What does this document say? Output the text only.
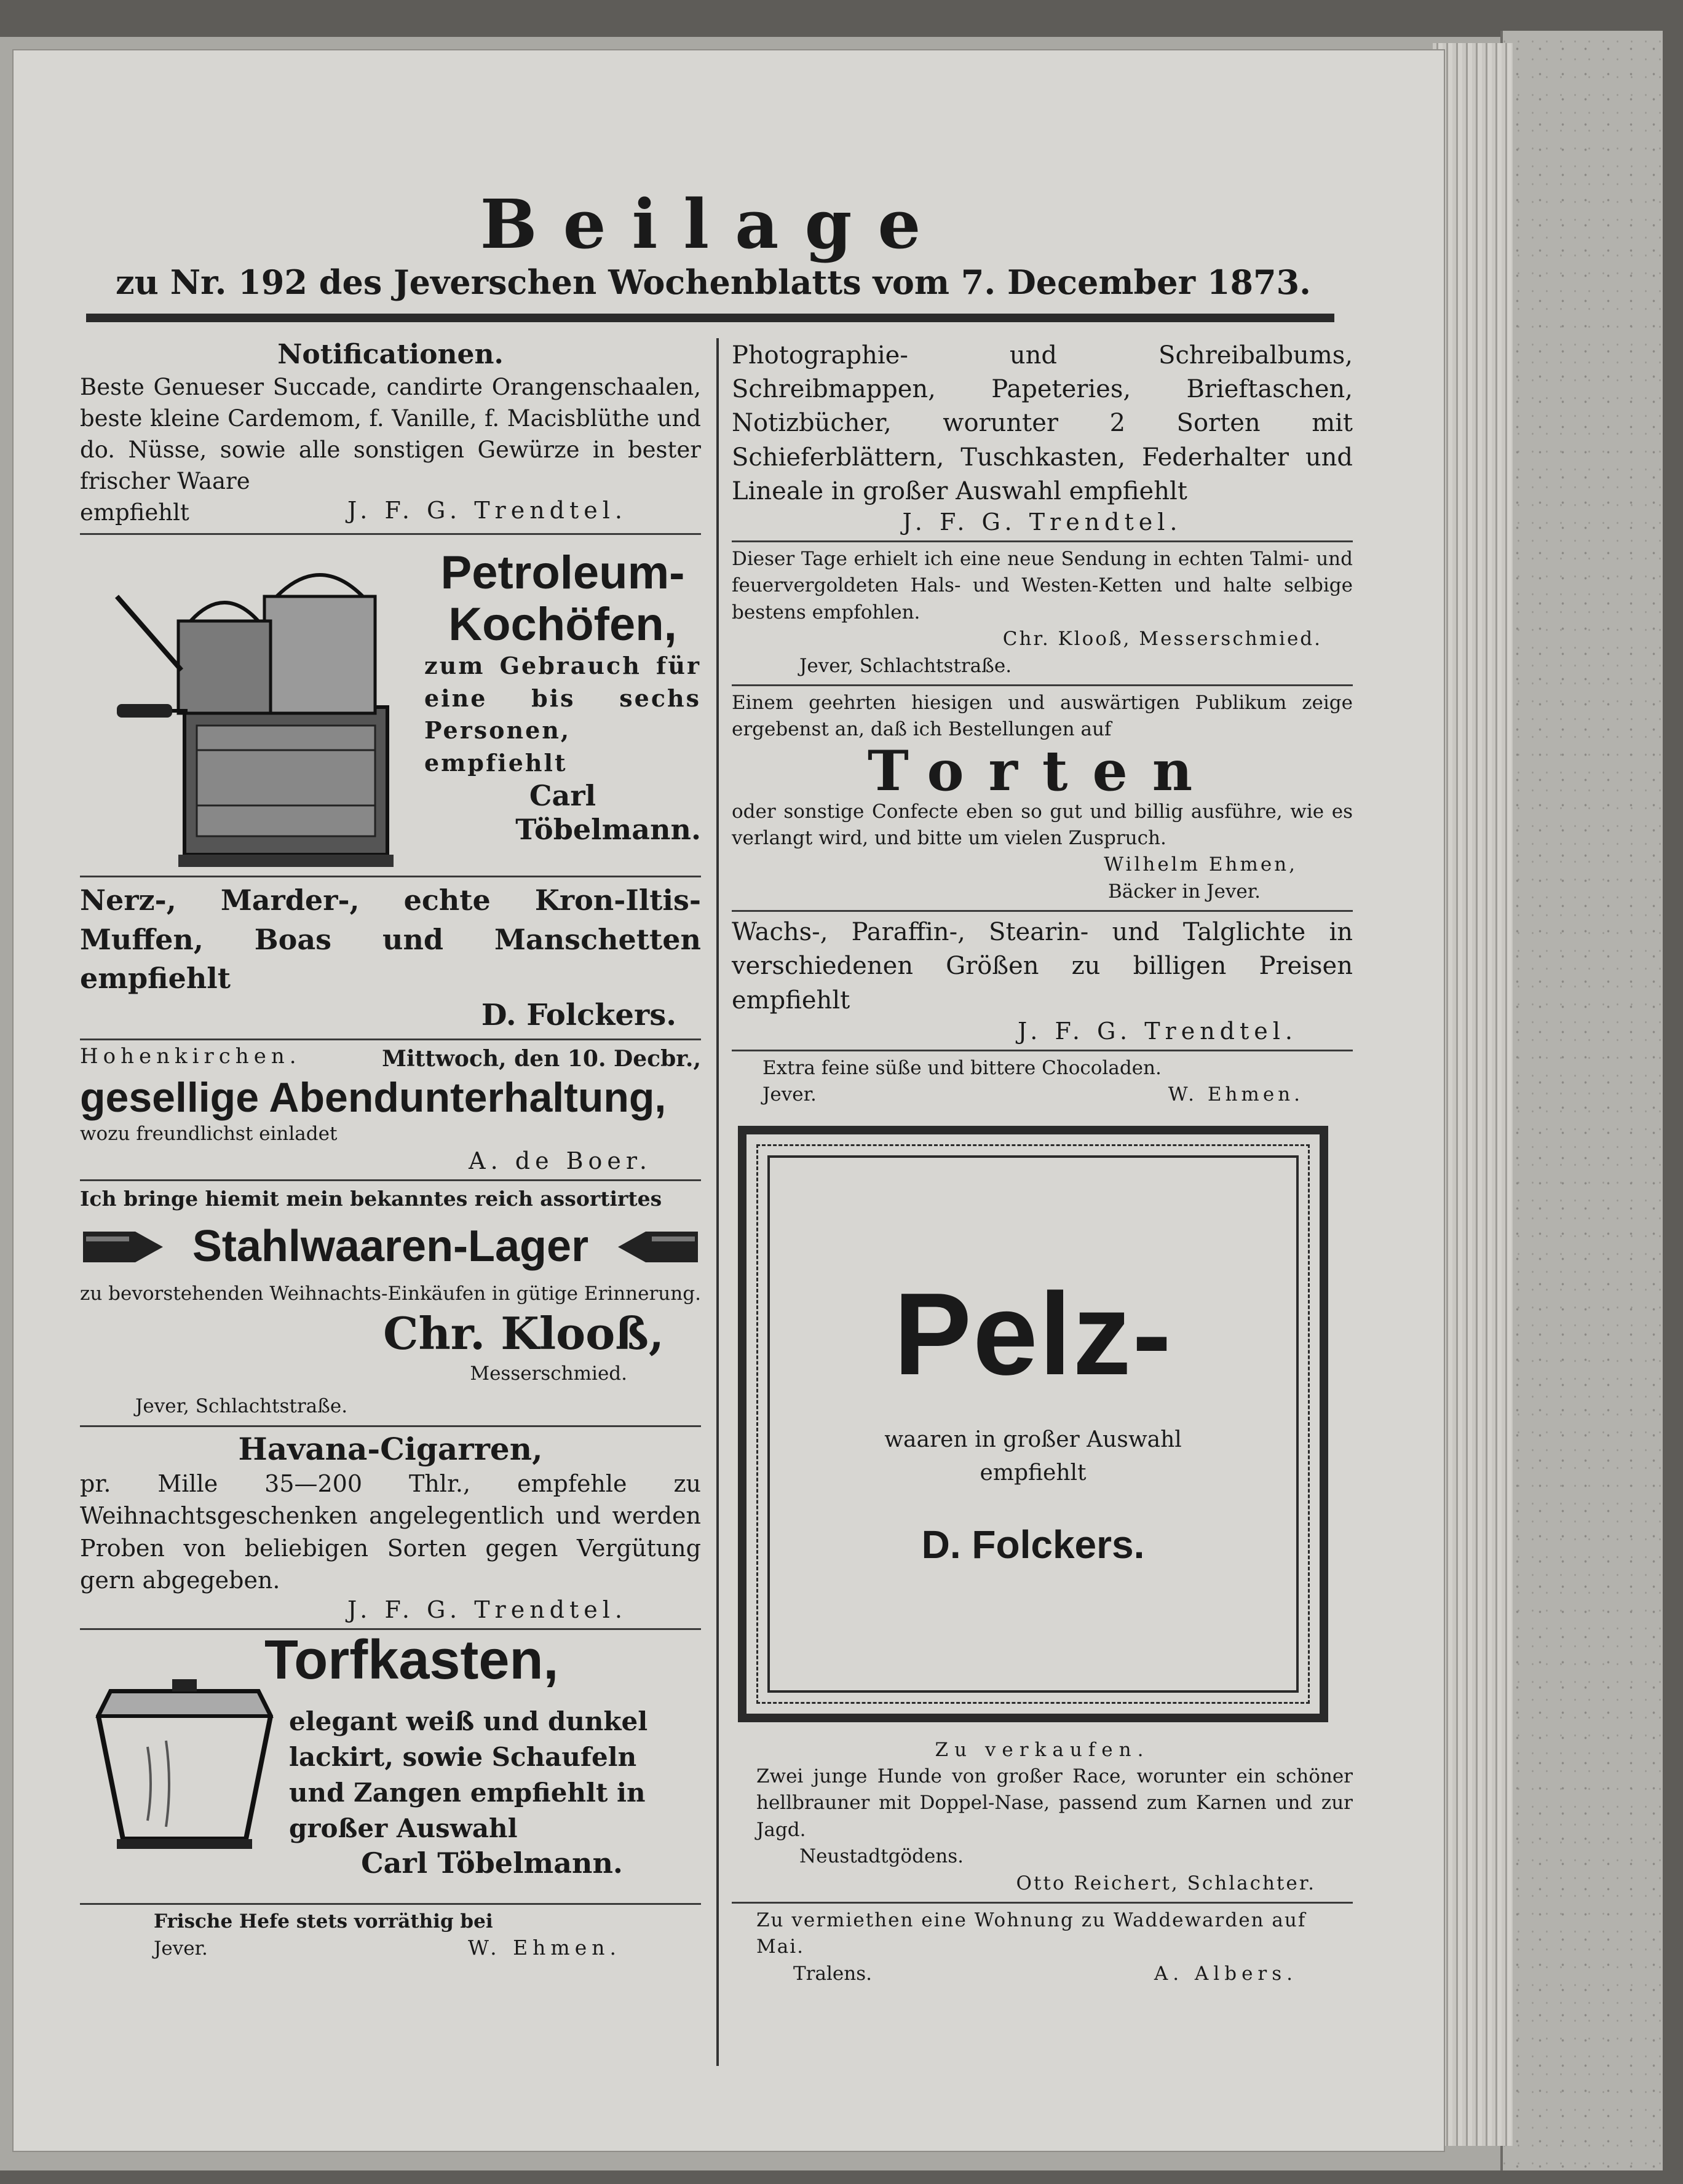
Beilage
zu Nr. 192 des Jeverschen Wochenblatts vom 7. December 1873.
Notificationen.
Beste Genueser Succade, candirte Orangenschaalen, beste kleine Cardemom, f. Vanille, f. Macisblüthe und do. Nüsse, sowie alle sonstigen Gewürze in bester frischer Waare
empfiehlt	J. F. G. Trendtel.
Petroleum-
Kochöfen,
zum Gebrauch für eine bis sechs Personen, empfiehlt
Carl
Töbelmann.
Nerz-, Marder-, echte Kron-Iltis-Muffen, Boas und Manschetten empfiehlt
D. Folckers.
Hohenkirchen.	Mittwoch, den 10. Decbr.,
gesellige Abendunterhaltung,
wozu freundlichst einladet
A. de Boer.
Ich bringe hiemit mein bekanntes reich assortirtes
Stahlwaaren-Lager
zu bevorstehenden Weihnachts-Einkäufen in gütige Erinnerung.
Chr. Klooß,
Messerschmied.
Jever, Schlachtstraße.
Havana-Cigarren,
pr. Mille 35—200 Thlr., empfehle zu Weihnachtsgeschenken angelegentlich und werden Proben von beliebigen Sorten gegen Vergütung gern abgegeben.
J. F. G. Trendtel.
Torfkasten,
elegant weiß und dunkel lackirt, sowie Schaufeln und Zangen empfiehlt in großer Auswahl
Carl Töbelmann.
Frische Hefe stets vorräthig bei
Jever.	W. Ehmen.
Photographie- und Schreibalbums, Schreibmappen, Papeteries, Brieftaschen, Notizbücher, worunter 2 Sorten mit Schieferblättern, Tuschkasten, Federhalter und Lineale in großer Auswahl empfiehlt
J. F. G. Trendtel.
Dieser Tage erhielt ich eine neue Sendung in echten Talmi- und feuervergoldeten Hals- und Westen-Ketten und halte selbige bestens empfohlen.
Chr. Klooß, Messerschmied.
Jever, Schlachtstraße.
Einem geehrten hiesigen und auswärtigen Publikum zeige ergebenst an, daß ich Bestellungen auf
Torten
oder sonstige Confecte eben so gut und billig ausführe, wie es verlangt wird, und bitte um vielen Zuspruch.
Wilhelm Ehmen,
Bäcker in Jever.
Wachs-, Paraffin-, Stearin- und Talglichte in verschiedenen Größen zu billigen Preisen empfiehlt
J. F. G. Trendtel.
Extra feine süße und bittere Chocoladen.
Jever.	W. Ehmen.
Pelz-
waaren in großer Auswahl
empfiehlt
D. Folckers.
Zu verkaufen.
Zwei junge Hunde von großer Race, worunter ein schöner hellbrauner mit Doppel-Nase, passend zum Karnen und zur Jagd.
Neustadtgödens.
Otto Reichert, Schlachter.
Zu vermiethen eine Wohnung zu Waddewarden auf Mai.
Tralens.	A. Albers.
